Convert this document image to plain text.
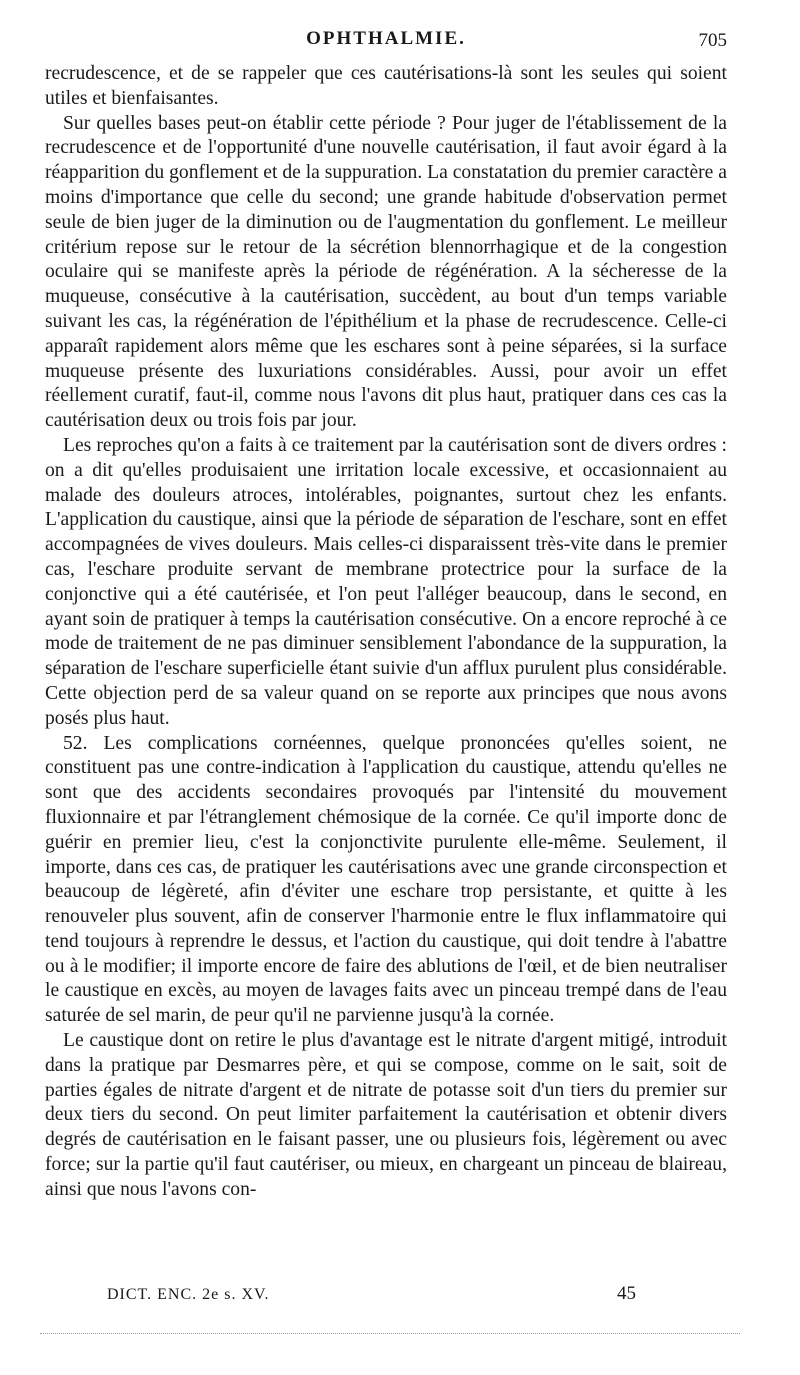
OPHTHALMIE.	705

recrudescence, et de se rappeler que ces cautérisations-là sont les seules qui soient utiles et bienfaisantes.

Sur quelles bases peut-on établir cette période ? Pour juger de l'établissement de la recrudescence et de l'opportunité d'une nouvelle cautérisation, il faut avoir égard à la réapparition du gonflement et de la suppuration. La constatation du premier caractère a moins d'importance que celle du second; une grande habitude d'observation permet seule de bien juger de la diminution ou de l'augmentation du gonflement. Le meilleur critérium repose sur le retour de la sécrétion blennorrhagique et de la congestion oculaire qui se manifeste après la période de régénération. A la sécheresse de la muqueuse, consécutive à la cautérisation, succèdent, au bout d'un temps variable suivant les cas, la régénération de l'épithélium et la phase de recrudescence. Celle-ci apparaît rapidement alors même que les eschares sont à peine séparées, si la surface muqueuse présente des luxuriations considérables. Aussi, pour avoir un effet réellement curatif, faut-il, comme nous l'avons dit plus haut, pratiquer dans ces cas la cautérisation deux ou trois fois par jour.

Les reproches qu'on a faits à ce traitement par la cautérisation sont de divers ordres : on a dit qu'elles produisaient une irritation locale excessive, et occasionnaient au malade des douleurs atroces, intolérables, poignantes, surtout chez les enfants. L'application du caustique, ainsi que la période de séparation de l'eschare, sont en effet accompagnées de vives douleurs. Mais celles-ci disparaissent très-vite dans le premier cas, l'eschare produite servant de membrane protectrice pour la surface de la conjonctive qui a été cautérisée, et l'on peut l'alléger beaucoup, dans le second, en ayant soin de pratiquer à temps la cautérisation consécutive. On a encore reproché à ce mode de traitement de ne pas diminuer sensiblement l'abondance de la suppuration, la séparation de l'eschare superficielle étant suivie d'un afflux purulent plus considérable. Cette objection perd de sa valeur quand on se reporte aux principes que nous avons posés plus haut.

52. Les complications cornéennes, quelque prononcées qu'elles soient, ne constituent pas une contre-indication à l'application du caustique, attendu qu'elles ne sont que des accidents secondaires provoqués par l'intensité du mouvement fluxionnaire et par l'étranglement chémosique de la cornée. Ce qu'il importe donc de guérir en premier lieu, c'est la conjonctivite purulente elle-même. Seulement, il importe, dans ces cas, de pratiquer les cautérisations avec une grande circonspection et beaucoup de légèreté, afin d'éviter une eschare trop persistante, et quitte à les renouveler plus souvent, afin de conserver l'harmonie entre le flux inflammatoire qui tend toujours à reprendre le dessus, et l'action du caustique, qui doit tendre à l'abattre ou à le modifier; il importe encore de faire des ablutions de l'œil, et de bien neutraliser le caustique en excès, au moyen de lavages faits avec un pinceau trempé dans de l'eau saturée de sel marin, de peur qu'il ne parvienne jusqu'à la cornée.

Le caustique dont on retire le plus d'avantage est le nitrate d'argent mitigé, introduit dans la pratique par Desmarres père, et qui se compose, comme on le sait, soit de parties égales de nitrate d'argent et de nitrate de potasse soit d'un tiers du premier sur deux tiers du second. On peut limiter parfaitement la cautérisation et obtenir divers degrés de cautérisation en le faisant passer, une ou plusieurs fois, légèrement ou avec force; sur la partie qu'il faut cautériser, ou mieux, en chargeant un pinceau de blaireau, ainsi que nous l'avons con-

DICT. ENC. 2e s. XV.	45
